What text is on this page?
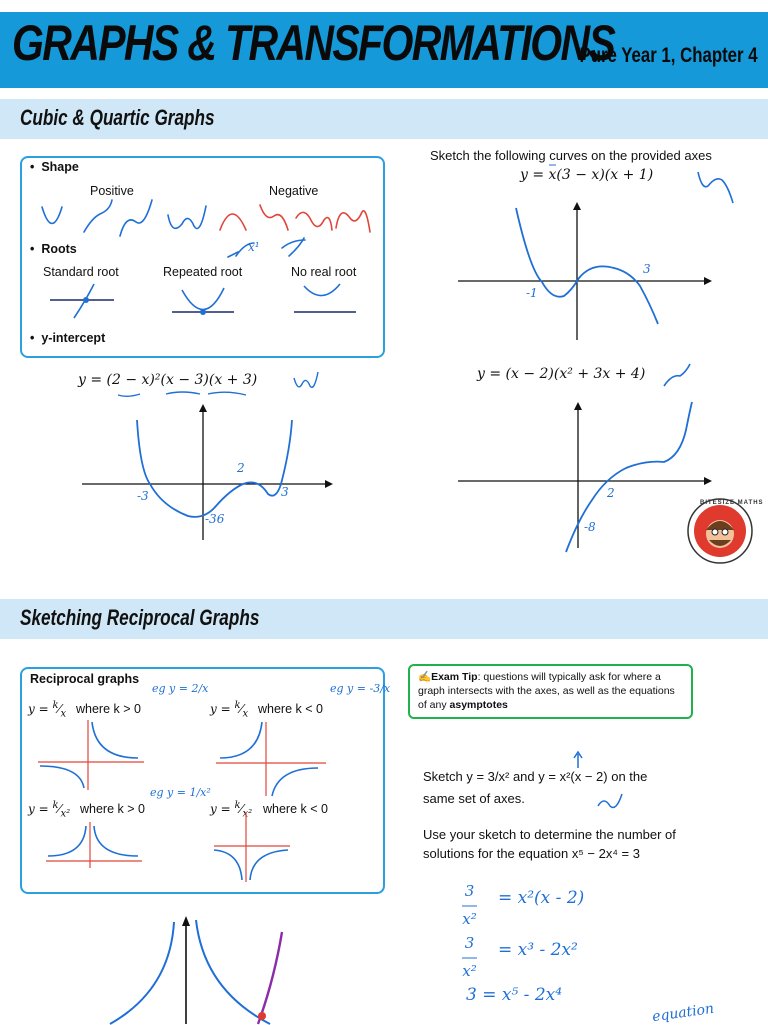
GRAPHS & TRANSFORMATIONS
Pure Year 1, Chapter 4
Cubic & Quartic Graphs
•  Shape
Positive	Negative
•  Roots
Standard root	Repeated root	No real root
•  y-intercept
x¹
Sketch the following curves on the provided axes
y = x(3 − x)(x + 1)
-1
3
y = (2 − x)²(x − 3)(x + 3)
-3
2
3
-36
y = (x − 2)(x² + 3x + 4)
2
-8
BITESIZE MATHS
Sketching Reciprocal Graphs
Reciprocal graphs
$y = ^k⁄_x$ where k > 0
eg y = 2/x
$y = ^k⁄_x$ where k < 0
eg y = -3/x
$y = ^k⁄_{x^2}$ where k > 0
eg y = 1/x²
$y = ^k⁄_{x^2}$ where k < 0
✍Exam Tip: questions will typically ask for where a graph intersects with the axes, as well as the equations of any asymptotes
Sketch y = 3/x² and y = x²(x − 2) on the
same set of axes.
Use your sketch to determine the number of
solutions for the equation x⁵ − 2x⁴ = 3
3
―
x²
= x²(x - 2)
3
―
x²
= x³ - 2x²
3 = x⁵ - 2x⁴
equation
